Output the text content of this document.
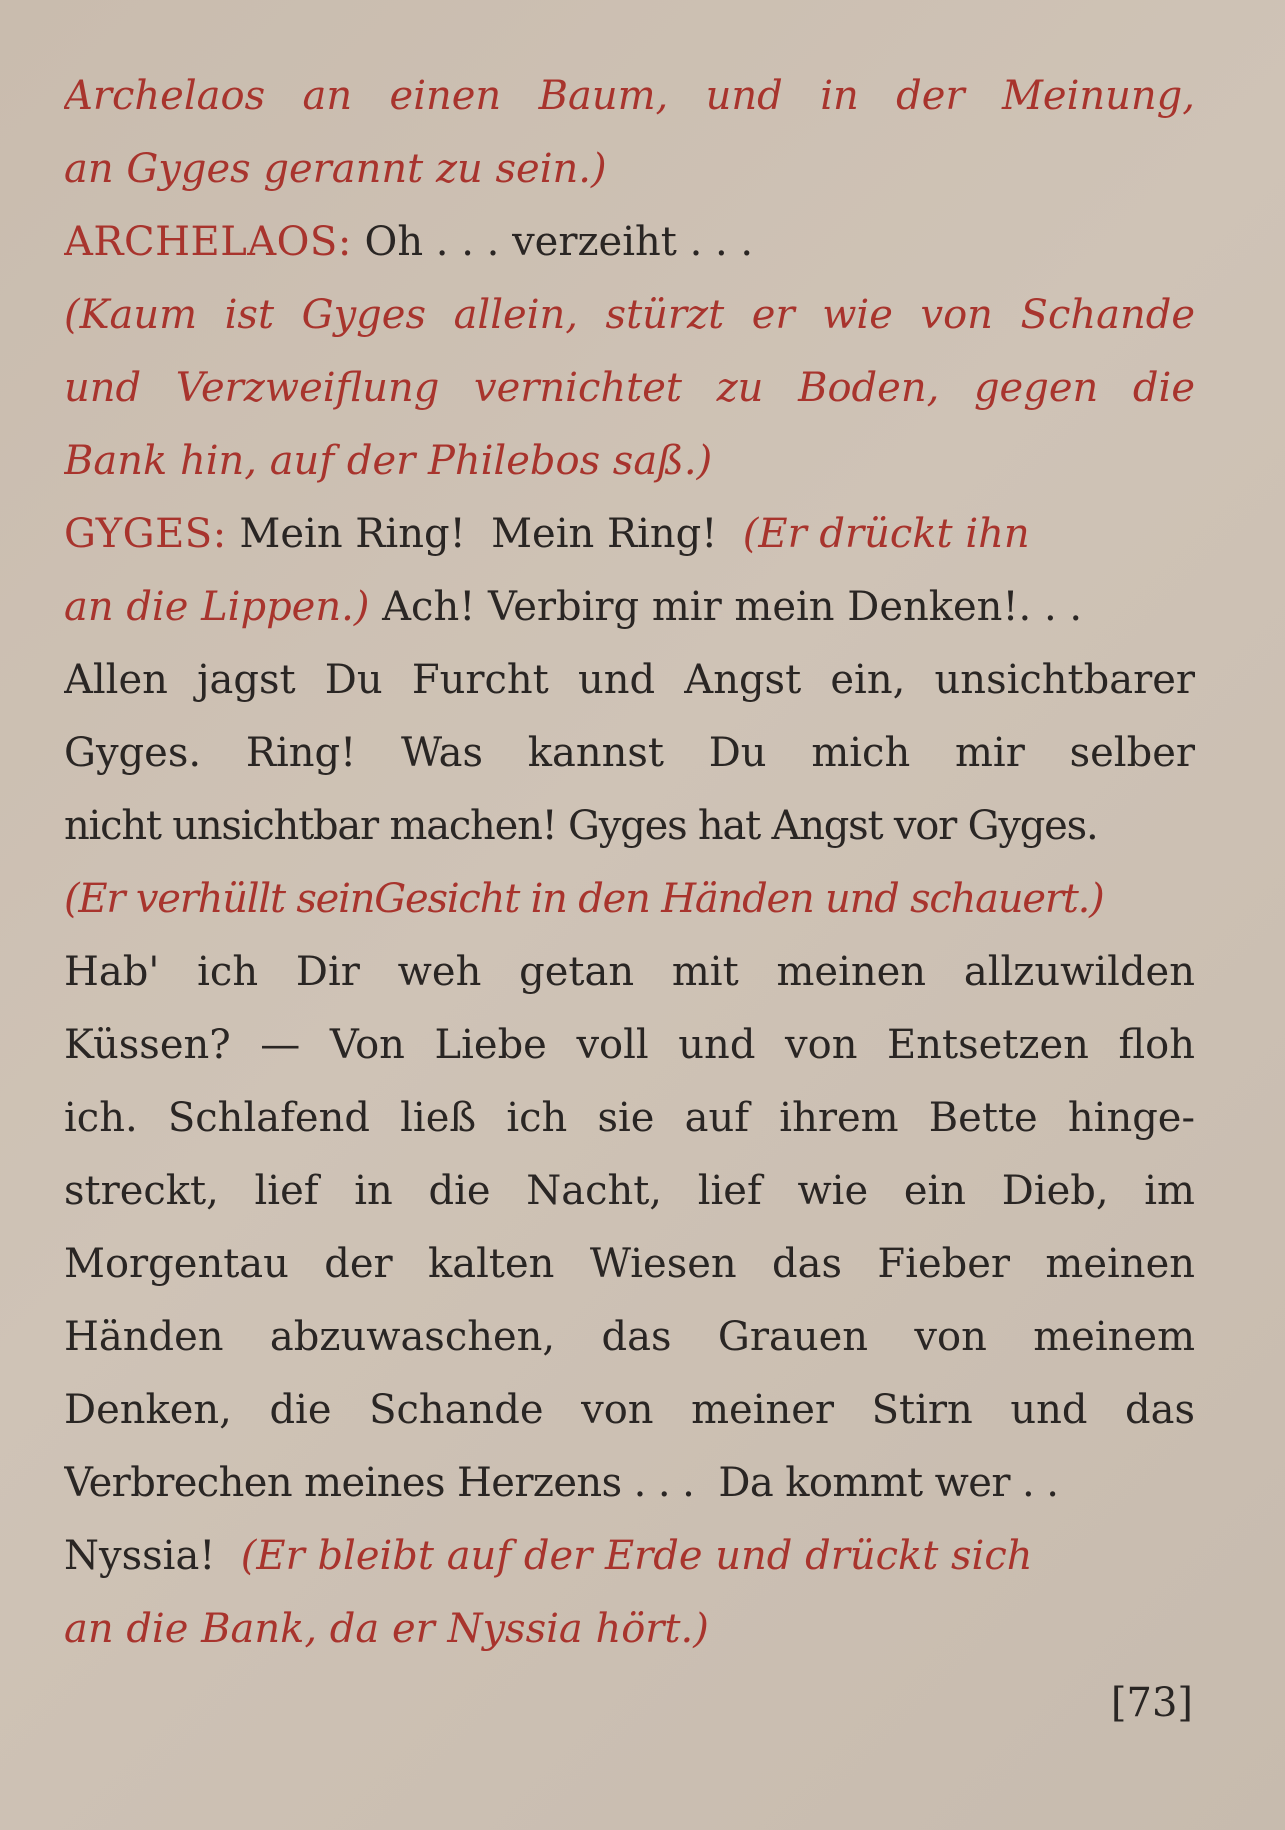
Archelaos an einen Baum, und in der Meinung,
an Gyges gerannt zu sein.)
ARCHELAOS: Oh . . . verzeiht . . .
(Kaum ist Gyges allein, stürzt er wie von Schande
und Verzweiflung vernichtet zu Boden, gegen die
Bank hin, auf der Philebos saß.)
GYGES: Mein Ring!  Mein Ring!  (Er drückt ihn
an die Lippen.) Ach! Verbirg mir mein Denken!. . .
Allen jagst Du Furcht und Angst ein, unsichtbarer
Gyges. Ring! Was kannst Du mich mir selber
nicht unsichtbar machen! Gyges hat Angst vor Gyges.
(Er verhüllt seinGesicht in den Händen und schauert.)
Hab' ich Dir weh getan mit meinen allzuwilden
Küssen? — Von Liebe voll und von Entsetzen floh
ich. Schlafend ließ ich sie auf ihrem Bette hinge-
streckt, lief in die Nacht, lief wie ein Dieb, im
Morgentau der kalten Wiesen das Fieber meinen
Händen abzuwaschen, das Grauen von meinem
Denken, die Schande von meiner Stirn und das
Verbrechen meines Herzens . . .  Da kommt wer . .
Nyssia!  (Er bleibt auf der Erde und drückt sich
an die Bank, da er Nyssia hört.)
[73]
